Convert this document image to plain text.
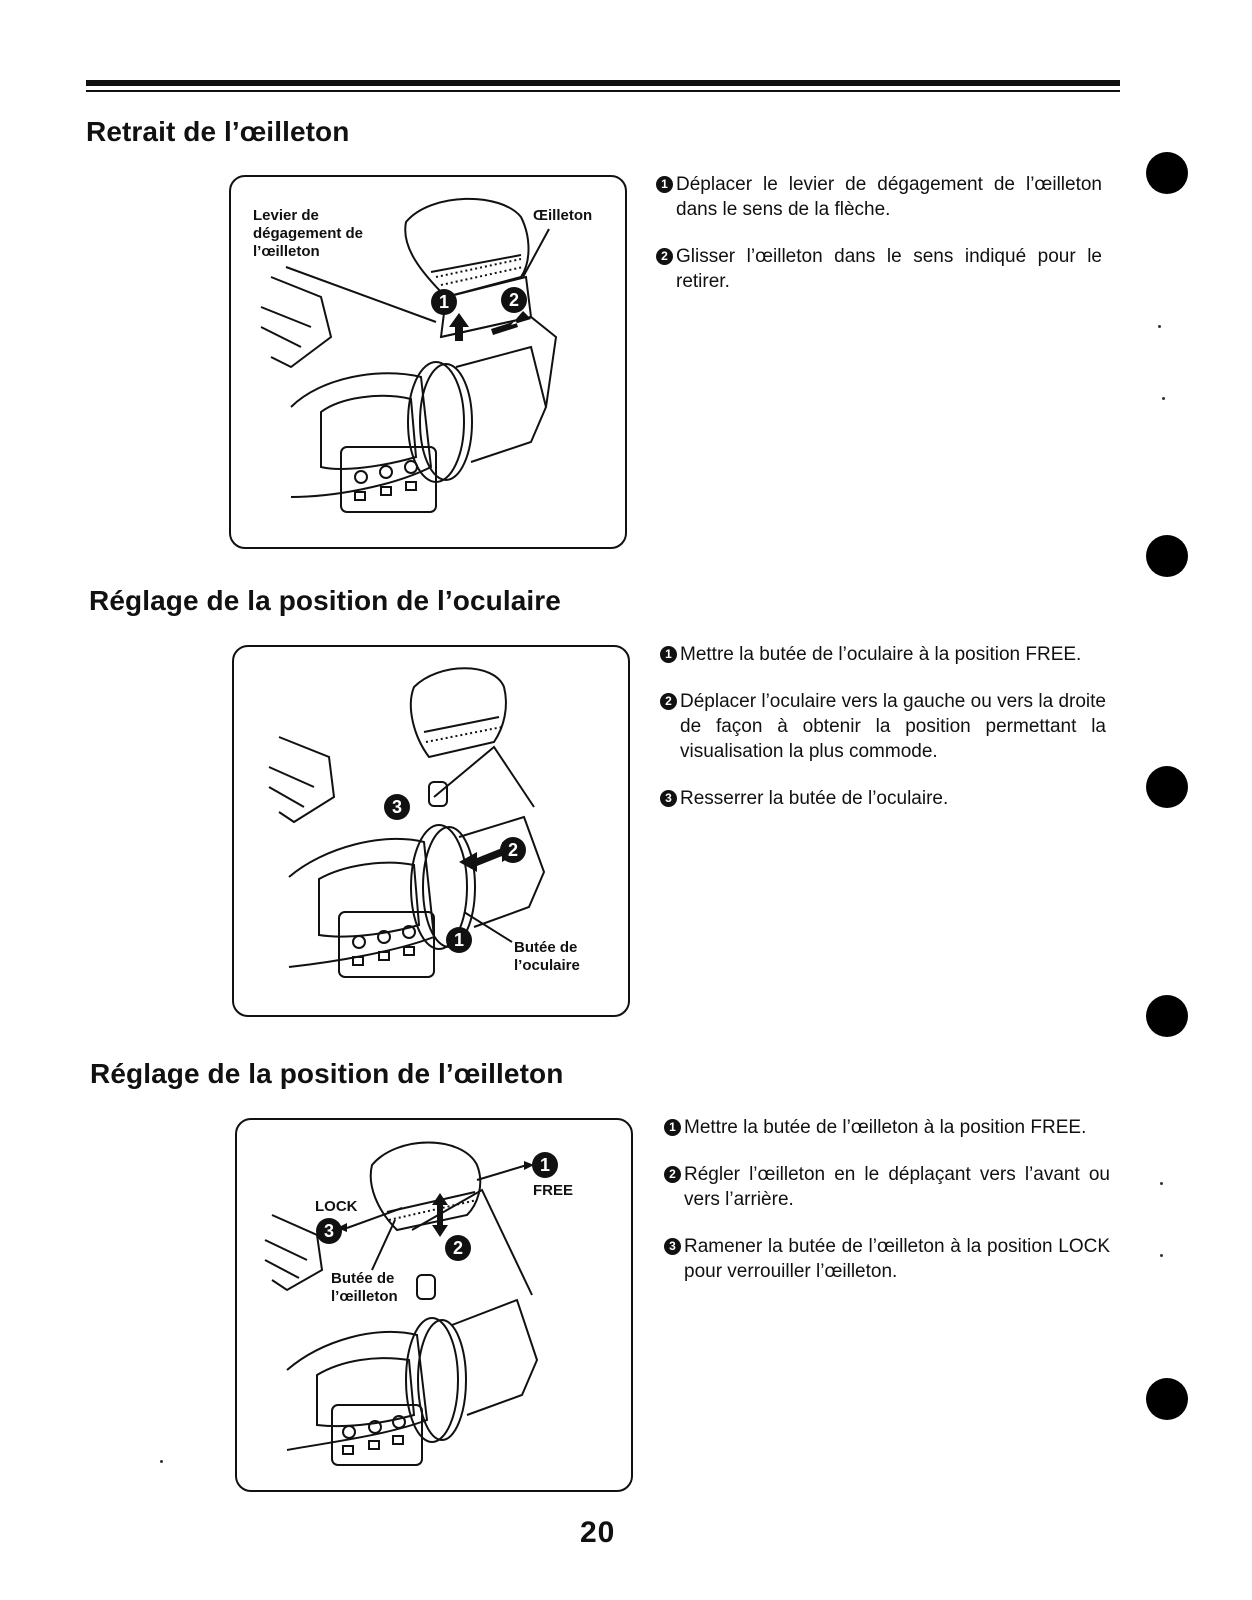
Retrait de l’œilleton
Levier de
dégagement de
l’œilleton
Œilleton
1	2
1 Déplacer le levier de dégagement de l’œilleton dans le sens de la flèche.
2 Glisser l’œilleton dans le sens indiqué pour le retirer.
Réglage de la position de l’oculaire
3
2
1	Butée de
l’oculaire
1 Mettre la butée de l’oculaire à la position FREE.
2 Déplacer l’oculaire vers la gauche ou vers la droite de façon à obtenir la position permettant la visualisation la plus commode.
3 Resserrer la butée de l’oculaire.
Réglage de la position de l’œilleton
1
FREE
LOCK
3
2
Butée de
l’œilleton
1 Mettre la butée de l’œilleton à la position FREE.
2 Régler l’œilleton en le déplaçant vers l’avant ou vers l’arrière.
3 Ramener la butée de l’œilleton à la position LOCK pour verrouiller l’œilleton.
20
